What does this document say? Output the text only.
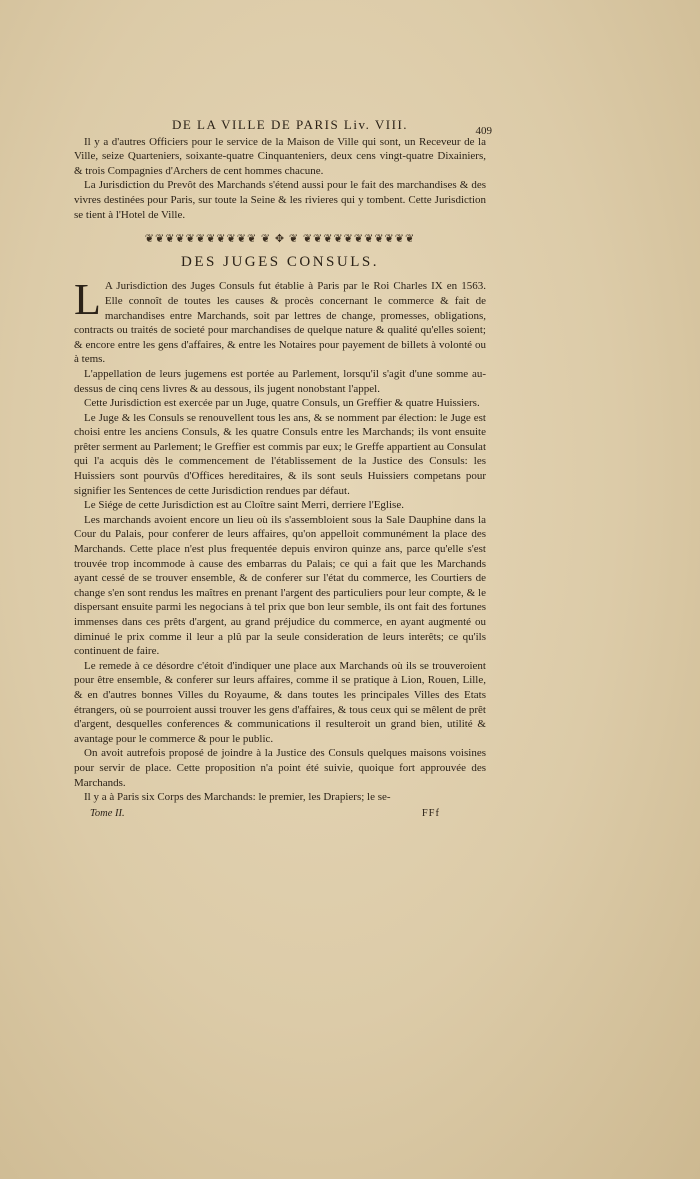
DE LA VILLE DE PARIS Liv. VIII.	409

Il y a d'autres Officiers pour le service de la Maison de Ville qui sont, un Receveur de la Ville, seize Quarteniers, soixante-quatre Cinquanteniers, deux cens vingt-quatre Dixainiers, & trois Compagnies d'Archers de cent hommes chacune.

La Jurisdiction du Prevôt des Marchands s'étend aussi pour le fait des marchandises & des vivres destinées pour Paris, sur toute la Seine & les rivieres qui y tombent. Cette Jurisdiction se tient à l'Hotel de Ville.

❦❦❦❦❦❦❦❦❦❦❦ ❦ ✥ ❦ ❦❦❦❦❦❦❦❦❦❦❦
DES JUGES CONSULS.

L A Jurisdiction des Juges Consuls fut établie à Paris par le Roi Charles IX en 1563. Elle connoît de toutes les causes & procès concernant le commerce & fait de marchandises entre Marchands, soit par lettres de change, promesses, obligations, contracts ou traités de societé pour marchandises de quelque nature & qualité qu'elles soient; & encore entre les gens d'affaires, & entre les Notaires pour payement de billets à volonté ou à tems.

L'appellation de leurs jugemens est portée au Parlement, lorsqu'il s'agit d'une somme au-dessus de cinq cens livres & au dessous, ils jugent nonobstant l'appel.

Cette Jurisdiction est exercée par un Juge, quatre Consuls, un Greffier & quatre Huissiers.

Le Juge & les Consuls se renouvellent tous les ans, & se nomment par élection: le Juge est choisi entre les anciens Consuls, & les quatre Consuls entre les Marchands; ils vont ensuite prêter serment au Parlement; le Greffier est commis par eux; le Greffe appartient au Consulat qui l'a acquis dès le commencement de l'établissement de la Justice des Consuls: les Huissiers sont pourvûs d'Offices hereditaires, & ils sont seuls Huissiers competans pour signifier les Sentences de cette Jurisdiction rendues par défaut.

Le Siége de cette Jurisdiction est au Cloître saint Merri, derriere l'Eglise.

Les marchands avoient encore un lieu où ils s'assembloient sous la Sale Dauphine dans la Cour du Palais, pour conferer de leurs affaires, qu'on appelloit communément la place des Marchands. Cette place n'est plus frequentée depuis environ quinze ans, parce qu'elle s'est trouvée trop incommode à cause des embarras du Palais; ce qui a fait que les Marchands ayant cessé de se trouver ensemble, & de conferer sur l'état du commerce, les Courtiers de change s'en sont rendus les maîtres en prenant l'argent des particuliers pour leur compte, & le dispersant ensuite parmi les negocians à tel prix que bon leur semble, ils ont fait des fortunes immenses dans ces prêts d'argent, au grand préjudice du commerce, en ayant augmenté ou diminué le prix comme il leur a plû par la seule consideration de leurs interêts; ce qu'ils continuent de faire.

Le remede à ce désordre c'étoit d'indiquer une place aux Marchands où ils se trouveroient pour être ensemble, & conferer sur leurs affaires, comme il se pratique à Lion, Rouen, Lille, & en d'autres bonnes Villes du Royaume, & dans toutes les principales Villes des Etats étrangers, où se pourroient aussi trouver les gens d'affaires, & tous ceux qui se mêlent de prêt d'argent, desquelles conferences & communications il resulteroit un grand bien, utilité & avantage pour le commerce & pour le public.

On avoit autrefois proposé de joindre à la Justice des Consuls quelques maisons voisines pour servir de place. Cette proposition n'a point été suivie, quoique fort approuvée des Marchands.

Il y a à Paris six Corps des Marchands: le premier, les Drapiers; le se-

Tome II.	FFf
